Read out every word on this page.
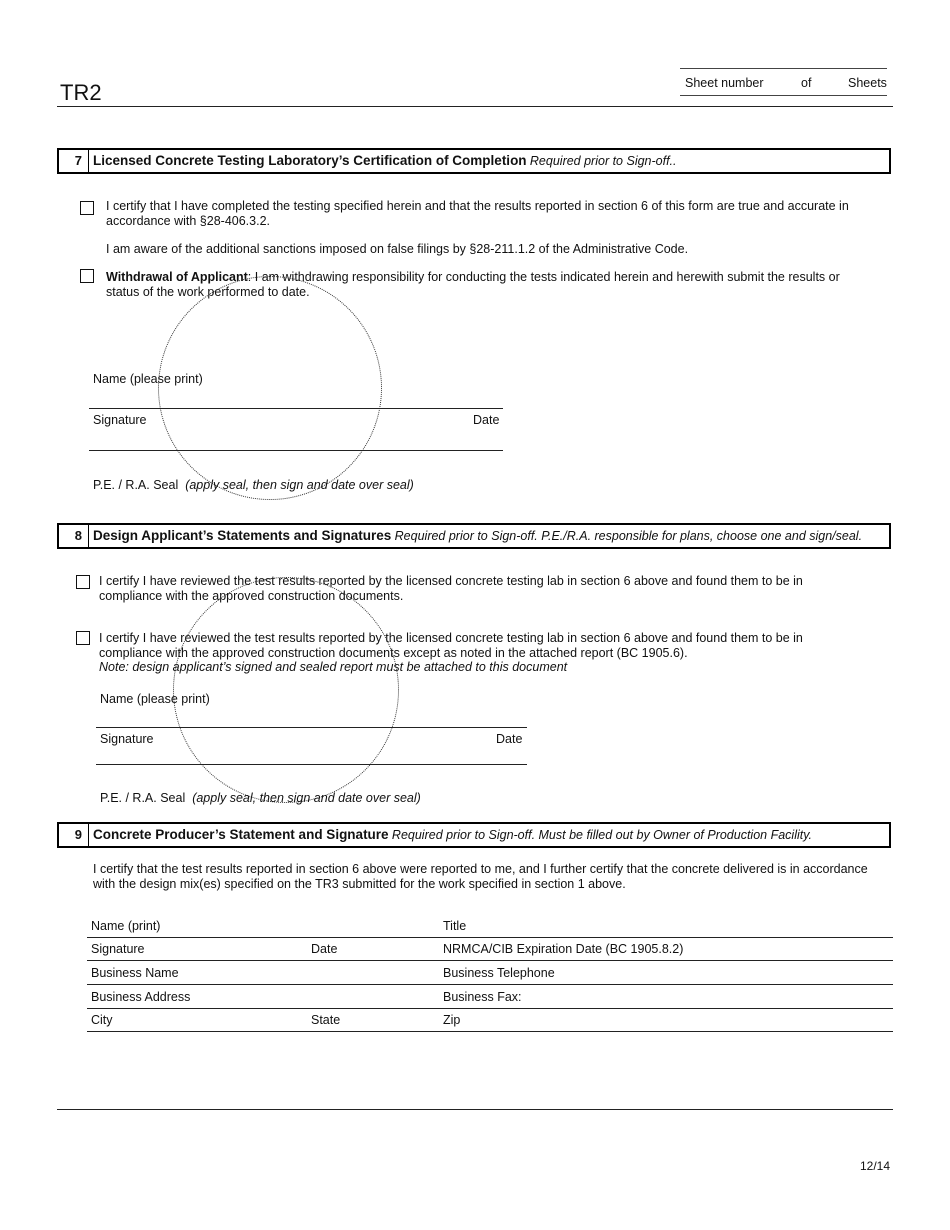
TR2	Sheet number	of	Sheets
7 Licensed Concrete Testing Laboratory’s Certification of Completion Required prior to Sign-off..
I certify that I have completed the testing specified herein and that the results reported in section 6 of this form are true and accurate in accordance with §28-406.3.2.
I am aware of the additional sanctions imposed on false filings by §28-211.1.2 of the Administrative Code.
Withdrawal of Applicant: I am withdrawing responsibility for conducting the tests indicated herein and herewith submit the results or status of the work performed to date.
Name (please print)
Signature	Date
P.E. / R.A. Seal (apply seal, then sign and date over seal)
8 Design Applicant’s Statements and Signatures Required prior to Sign-off. P.E./R.A. responsible for plans, choose one and sign/seal.
I certify I have reviewed the test results reported by the licensed concrete testing lab in section 6 above and found them to be in compliance with the approved construction documents.
I certify I have reviewed the test results reported by the licensed concrete testing lab in section 6 above and found them to be in compliance with the approved construction documents except as noted in the attached report (BC 1905.6).
Note: design applicant’s signed and sealed report must be attached to this document
Name (please print)
Signature	Date
P.E. / R.A. Seal (apply seal, then sign and date over seal)
9 Concrete Producer’s Statement and Signature Required prior to Sign-off. Must be filled out by Owner of Production Facility.
I certify that the test results reported in section 6 above were reported to me, and I further certify that the concrete delivered is in accordance with the design mix(es) specified on the TR3 submitted for the work specified in section 1 above.
Name (print)	Title
Signature	Date	NRMCA/CIB Expiration Date (BC 1905.8.2)
Business Name	Business Telephone
Business Address	Business Fax:
City	State	Zip
12/14
